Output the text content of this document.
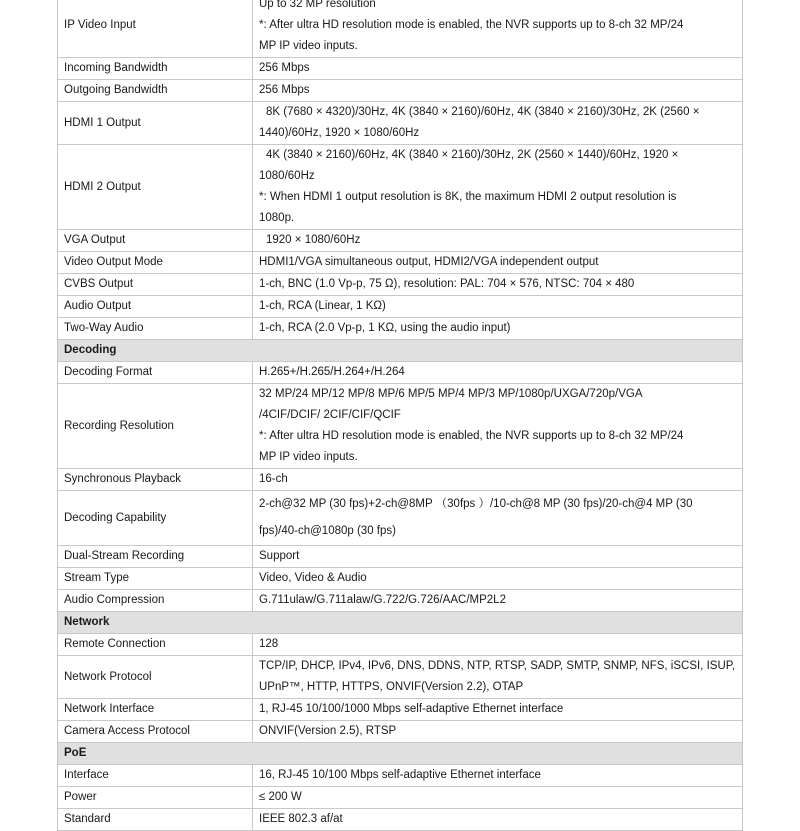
IP Video Input	Up to 32 MP resolution
*: After ultra HD resolution mode is enabled, the NVR supports up to 8-ch 32 MP/24
MP IP video inputs.

Incoming Bandwidth	256 Mbps

Outgoing Bandwidth	256 Mbps

HDMI 1 Output	8K (7680 × 4320)/30Hz, 4K (3840 × 2160)/60Hz, 4K (3840 × 2160)/30Hz, 2K (2560 ×
1440)/60Hz, 1920 × 1080/60Hz

HDMI 2 Output	4K (3840 × 2160)/60Hz, 4K (3840 × 2160)/30Hz, 2K (2560 × 1440)/60Hz, 1920 ×
1080/60Hz
*: When HDMI 1 output resolution is 8K, the maximum HDMI 2 output resolution is
1080p.

VGA Output	1920 × 1080/60Hz

Video Output Mode	HDMI1/VGA simultaneous output, HDMI2/VGA independent output

CVBS Output	1-ch, BNC (1.0 Vp-p, 75 Ω), resolution: PAL: 704 × 576, NTSC: 704 × 480

Audio Output	1-ch, RCA (Linear, 1 KΩ)

Two-Way Audio	1-ch, RCA (2.0 Vp-p, 1 KΩ, using the audio input)

Decoding	
Decoding Format	H.265+/H.265/H.264+/H.264

Recording Resolution	32 MP/24 MP/12 MP/8 MP/6 MP/5 MP/4 MP/3 MP/1080p/UXGA/720p/VGA
/4CIF/DCIF/ 2CIF/CIF/QCIF
*: After ultra HD resolution mode is enabled, the NVR supports up to 8-ch 32 MP/24
MP IP video inputs.

Synchronous Playback	16-ch

Decoding Capability	2-ch@32 MP (30 fps)+2-ch@8MP （30fps ）/10-ch@8 MP (30 fps)/20-ch@4 MP (30
fps)/40-ch@1080p (30 fps)

Dual-Stream Recording	Support

Stream Type	Video, Video & Audio

Audio Compression	G.711ulaw/G.711alaw/G.722/G.726/AAC/MP2L2

Network	
Remote Connection	128

Network Protocol	TCP/IP, DHCP, IPv4, IPv6, DNS, DDNS, NTP, RTSP, SADP, SMTP, SNMP, NFS, iSCSI, ISUP,
UPnP™, HTTP, HTTPS, ONVIF(Version 2.2), OTAP

Network Interface	1, RJ-45 10/100/1000 Mbps self-adaptive Ethernet interface

Camera Access Protocol	ONVIF(Version 2.5), RTSP

PoE	
Interface	16, RJ-45 10/100 Mbps self-adaptive Ethernet interface

Power	≤ 200 W

Standard	IEEE 802.3 af/at
